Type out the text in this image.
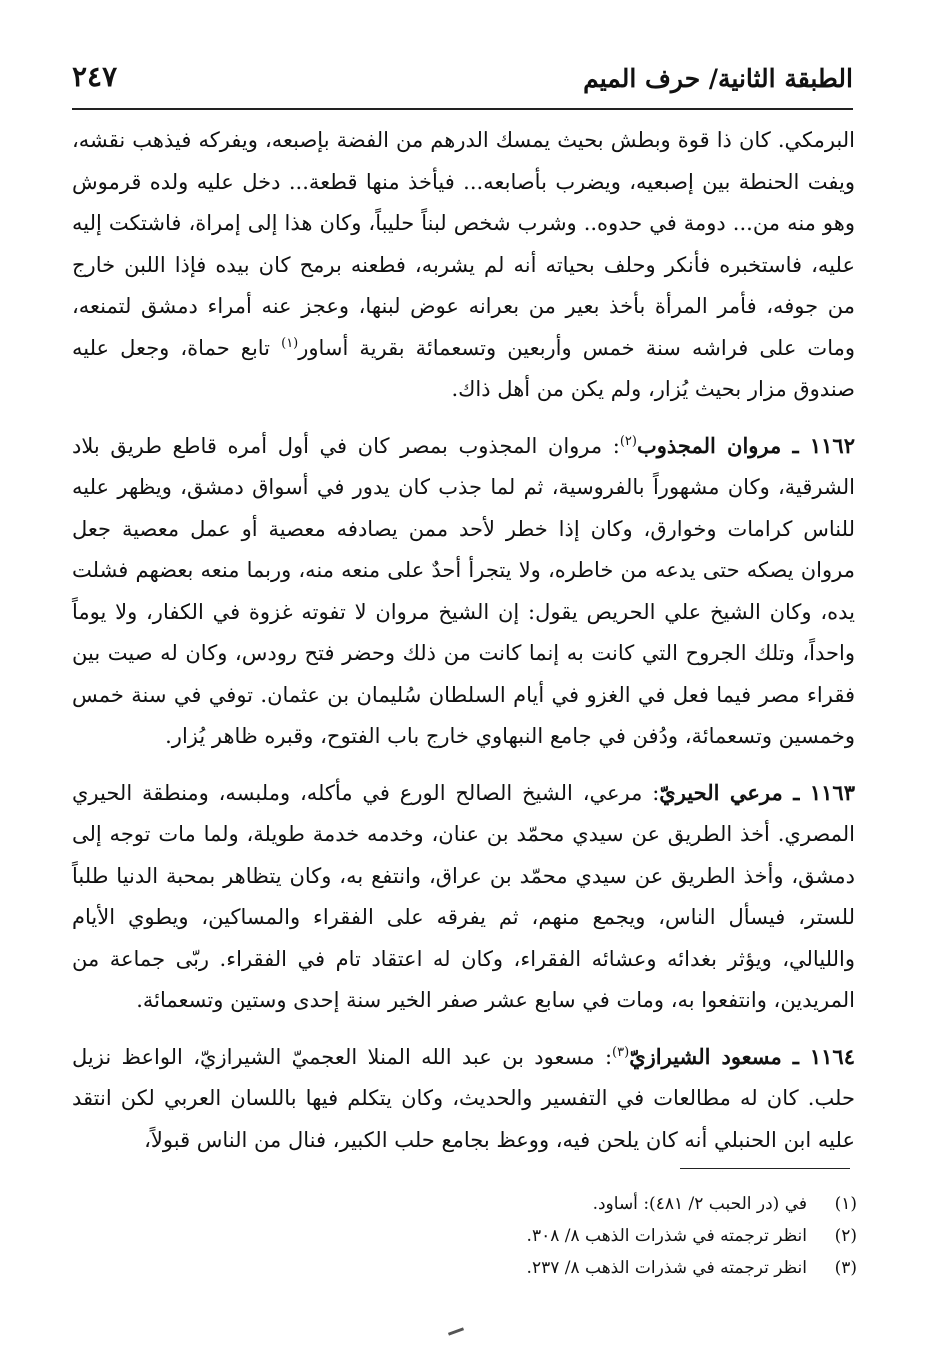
الطبقة الثانية/ حرف الميم
٢٤٧

البرمكي. كان ذا قوة وبطش بحيث يمسك الدرهم من الفضة بإصبعه، ويفركه فيذهب نقشه، ويفت الحنطة بين إصبعيه، ويضرب بأصابعه... فيأخذ منها قطعة... دخل عليه ولده قرموش وهو منه من... دومة في حدوه.. وشرب شخص لبناً حليباً، وكان هذا إلى إمراة، فاشتكت إليه عليه، فاستخبره فأنكر وحلف بحياته أنه لم يشربه، فطعنه برمح كان بيده فإذا اللبن خارج من جوفه، فأمر المرأة بأخذ بعير من بعرانه عوض لبنها، وعجز عنه أمراء دمشق لتمنعه، ومات على فراشه سنة خمس وأربعين وتسعمائة بقرية أساور$^{(١)}$ تابع حماة، وجعل عليه صندوق مزار بحيث يُزار، ولم يكن من أهل ذاك.

١١٦٢ ـ مروان المجذوب$^{(٢)}$: مروان المجذوب بمصر كان في أول أمره قاطع طريق بلاد الشرقية، وكان مشهوراً بالفروسية، ثم لما جذب كان يدور في أسواق دمشق، ويظهر عليه للناس كرامات وخوارق، وكان إذا خطر لأحد ممن يصادفه معصية أو عمل معصية جعل مروان يصكه حتى يدعه من خاطره، ولا يتجرأ أحدٌ على منعه منه، وربما منعه بعضهم فشلت يده، وكان الشيخ علي الحريص يقول: إن الشيخ مروان لا تفوته غزوة في الكفار، ولا يوماً واحداً، وتلك الجروح التي كانت به إنما كانت من ذلك وحضر فتح رودس، وكان له صيت بين فقراء مصر فيما فعل في الغزو في أيام السلطان سُليمان بن عثمان. توفي في سنة خمس وخمسين وتسعمائة، ودُفن في جامع النبهاوي خارج باب الفتوح، وقبره ظاهر يُزار.

١١٦٣ ـ مرعي الحيريّ: مرعي، الشيخ الصالح الورع في مأكله، وملبسه، ومنطقة الحيري المصري. أخذ الطريق عن سيدي محمّد بن عنان، وخدمه خدمة طويلة، ولما مات توجه إلى دمشق، وأخذ الطريق عن سيدي محمّد بن عراق، وانتفع به، وكان يتظاهر بمحبة الدنيا طلباً للستر، فيسأل الناس، ويجمع منهم، ثم يفرقه على الفقراء والمساكين، ويطوي الأيام والليالي، ويؤثر بغدائه وعشائه الفقراء، وكان له اعتقاد تام في الفقراء. ربّى جماعة من المريدين، وانتفعوا به، ومات في سابع عشر صفر الخير سنة إحدى وستين وتسعمائة.

١١٦٤ ـ مسعود الشيرازيّ$^{(٣)}$: مسعود بن عبد الله المنلا العجميّ الشيرازيّ، الواعظ نزيل حلب. كان له مطالعات في التفسير والحديث، وكان يتكلم فيها باللسان العربي لكن انتقد عليه ابن الحنبلي أنه كان يلحن فيه، ووعظ بجامع حلب الكبير، فنال من الناس قبولاً،

(١)في (در الحبب ٢/ ٤٨١): أساود.
(٢)انظر ترجمته في شذرات الذهب ٨/ ٣٠٨.
(٣)انظر ترجمته في شذرات الذهب ٨/ ٢٣٧.
